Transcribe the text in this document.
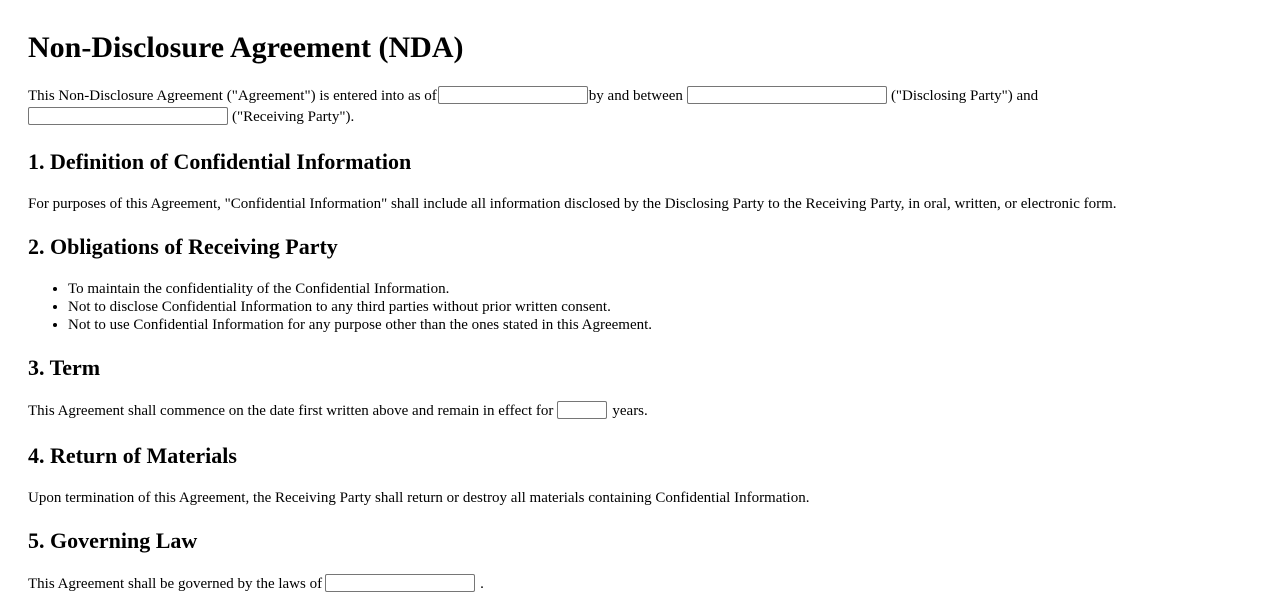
Non-Disclosure Agreement (NDA)

This Non-Disclosure Agreement ("Agreement") is entered into as of	by and between	("Disclosing Party") and

("Receiving Party").

1. Definition of Confidential Information

For purposes of this Agreement, "Confidential Information" shall include all information disclosed by the Disclosing Party to the Receiving Party, in oral, written, or electronic form.

2. Obligations of Receiving Party
• To maintain the confidentiality of the Confidential Information.
• Not to disclose Confidential Information to any third parties without prior written consent.
• Not to use Confidential Information for any purpose other than the ones stated in this Agreement.
3. Term

This Agreement shall commence on the date first written above and remain in effect for	years.

4. Return of Materials

Upon termination of this Agreement, the Receiving Party shall return or destroy all materials containing Confidential Information.

5. Governing Law

This Agreement shall be governed by the laws of	.
